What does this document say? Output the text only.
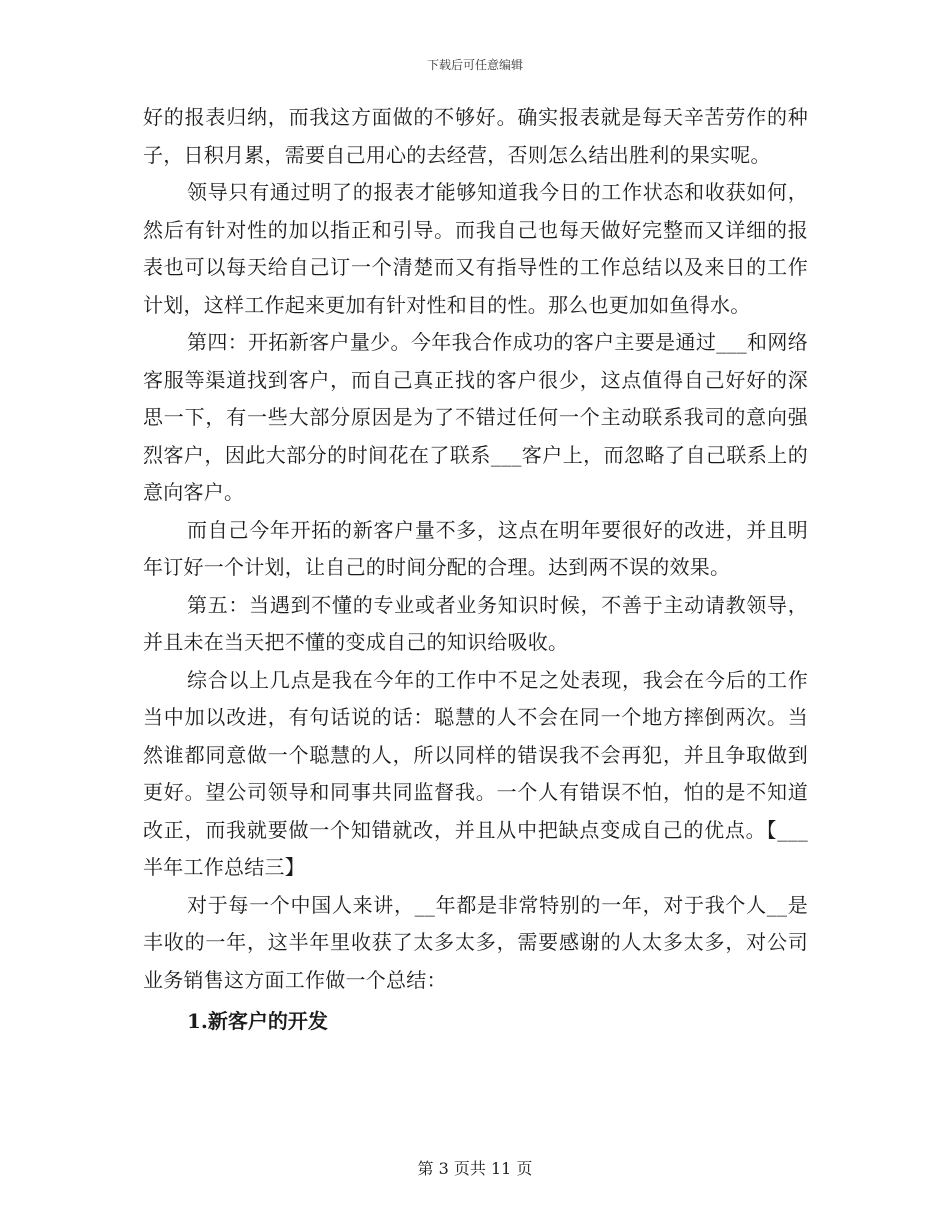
下载后可任意编辑

好的报表归纳，而我这方面做的不够好。确实报表就是每天辛苦劳作的种子，日积月累，需要自己用心的去经营，否则怎么结出胜利的果实呢。

领导只有通过明了的报表才能够知道我今日的工作状态和收获如何，然后有针对性的加以指正和引导。而我自己也每天做好完整而又详细的报表也可以每天给自己订一个清楚而又有指导性的工作总结以及来日的工作计划，这样工作起来更加有针对性和目的性。那么也更加如鱼得水。

第四：开拓新客户量少。今年我合作成功的客户主要是通过___和网络客服等渠道找到客户，而自己真正找的客户很少，这点值得自己好好的深思一下，有一些大部分原因是为了不错过任何一个主动联系我司的意向强烈客户，因此大部分的时间花在了联系___客户上，而忽略了自己联系上的意向客户。

而自己今年开拓的新客户量不多，这点在明年要很好的改进，并且明年订好一个计划，让自己的时间分配的合理。达到两不误的效果。

第五：当遇到不懂的专业或者业务知识时候，不善于主动请教领导，并且未在当天把不懂的变成自己的知识给吸收。

综合以上几点是我在今年的工作中不足之处表现，我会在今后的工作当中加以改进，有句话说的话：聪慧的人不会在同一个地方摔倒两次。当然谁都同意做一个聪慧的人，所以同样的错误我不会再犯，并且争取做到更好。望公司领导和同事共同监督我。一个人有错误不怕，怕的是不知道改正，而我就要做一个知错就改，并且从中把缺点变成自己的优点。【___半年工作总结三】

对于每一个中国人来讲，__年都是非常特别的一年，对于我个人__是丰收的一年，这半年里收获了太多太多，需要感谢的人太多太多，对公司业务销售这方面工作做一个总结：

1.新客户的开发

第 3 页共 11 页
